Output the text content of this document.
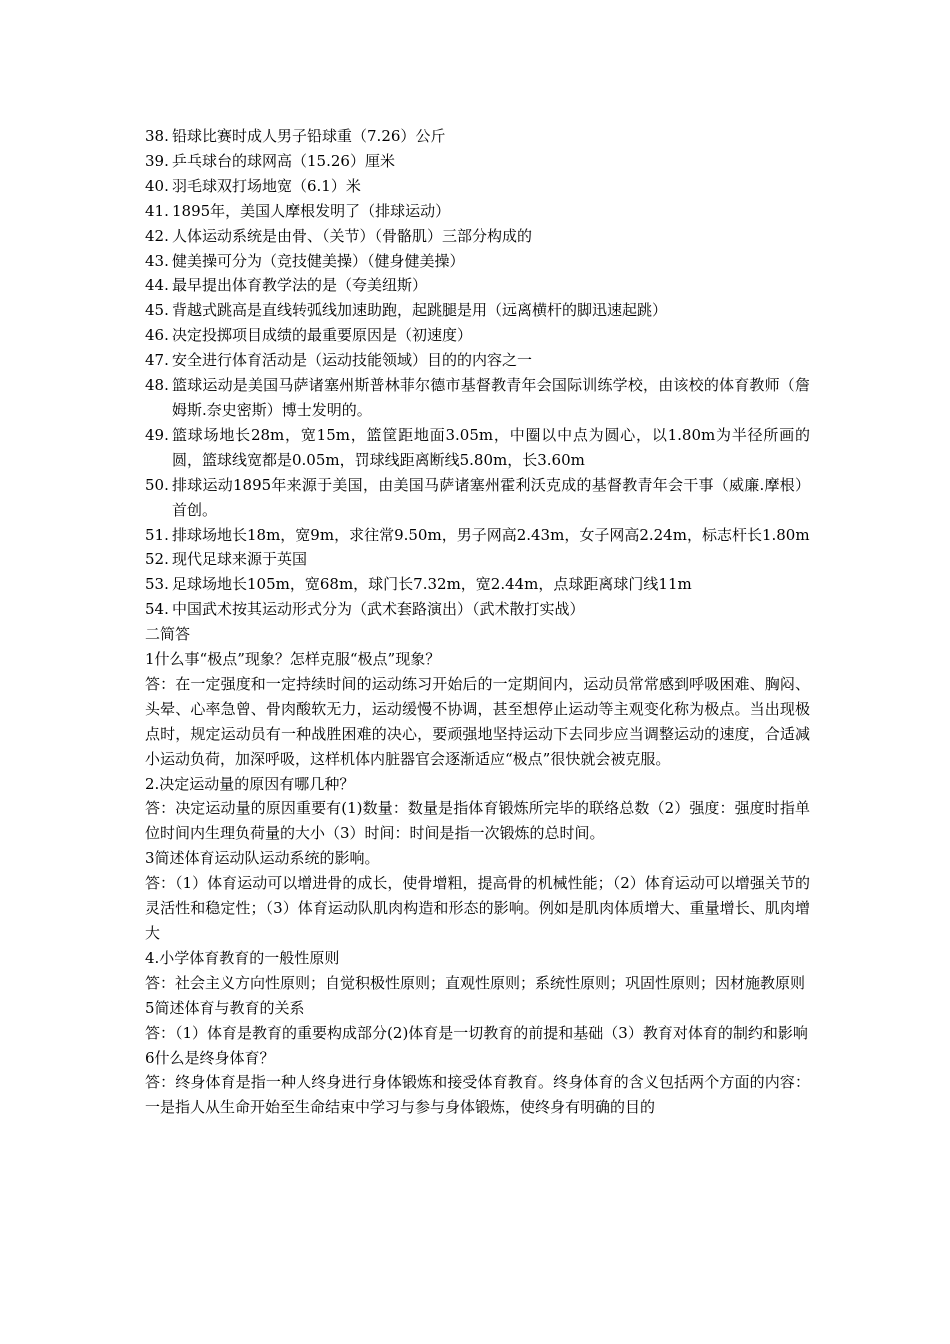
38. 铅球比赛时成人男子铅球重（7.26）公斤
39. 乒乓球台的球网高（15.26）厘米
40. 羽毛球双打场地宽（6.1）米
41. 1895年，美国人摩根发明了（排球运动）
42. 人体运动系统是由骨、（关节）（骨骼肌）三部分构成的
43. 健美操可分为（竞技健美操）（健身健美操）
44. 最早提出体育教学法的是（夸美纽斯）
45. 背越式跳高是直线转弧线加速助跑，起跳腿是用（远离横杆的脚迅速起跳）
46. 决定投掷项目成绩的最重要原因是（初速度）
47. 安全进行体育活动是（运动技能领域）目的的内容之一
48. 篮球运动是美国马萨诸塞州斯普林菲尔德市基督教青年会国际训练学校，由该校的体育教师（詹姆斯.奈史密斯）博士发明的。
49. 篮球场地长28m，宽15m，篮筐距地面3.05m，中圈以中点为圆心，以1.80m为半径所画的圆，篮球线宽都是0.05m，罚球线距离断线5.80m，长3.60m
50. 排球运动1895年来源于美国，由美国马萨诸塞州霍利沃克成的基督教青年会干事（威廉.摩根）首创。
51. 排球场地长18m，宽9m，求往常9.50m，男子网高2.43m，女子网高2.24m，标志杆长1.80m
52. 现代足球来源于英国
53. 足球场地长105m，宽68m，球门长7.32m，宽2.44m，点球距离球门线11m
54. 中国武术按其运动形式分为（武术套路演出）（武术散打实战）

二简答

1什么事“极点”现象？怎样克服“极点”现象？

答：在一定强度和一定持续时间的运动练习开始后的一定期间内，运动员常常感到呼吸困难、胸闷、头晕、心率急曾、骨肉酸软无力，运动缓慢不协调，甚至想停止运动等主观变化称为极点。当出现极点时，规定运动员有一种战胜困难的决心，要顽强地坚持运动下去同步应当调整运动的速度，合适减小运动负荷，加深呼吸，这样机体内脏器官会逐渐适应“极点”很快就会被克服。

2.决定运动量的原因有哪几种？

答：决定运动量的原因重要有(1)数量：数量是指体育锻炼所完毕的联络总数（2）强度：强度时指单位时间内生理负荷量的大小（3）时间：时间是指一次锻炼的总时间。

3简述体育运动队运动系统的影响。

答：（1）体育运动可以增进骨的成长，使骨增粗，提高骨的机械性能；（2）体育运动可以增强关节的灵活性和稳定性；（3）体育运动队肌肉构造和形态的影响。例如是肌肉体质增大、重量增长、肌肉增大

4.小学体育教育的一般性原则

答：社会主义方向性原则；自觉积极性原则；直观性原则；系统性原则；巩固性原则；因材施教原则

5简述体育与教育的关系

答：（1）体育是教育的重要构成部分(2)体育是一切教育的前提和基础（3）教育对体育的制约和影响

6什么是终身体育？

答：终身体育是指一种人终身进行身体锻炼和接受体育教育。终身体育的含义包括两个方面的内容：一是指人从生命开始至生命结束中学习与参与身体锻炼，使终身有明确的目的
